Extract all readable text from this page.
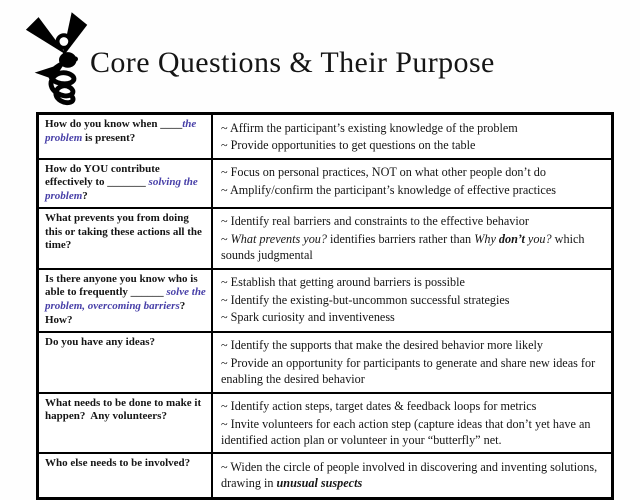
Core Questions & Their Purpose
How do you know when ____the problem is present?
~ Affirm the participant’s existing knowledge of the problem
~ Provide opportunities to get questions on the table
How do YOU contribute effectively to _______ solving the problem?
~ Focus on personal practices, NOT on what other people don’t do
~ Amplify/confirm the participant’s knowledge of effective practices
What prevents you from doing this or taking these actions all the time?
~ Identify real barriers and constraints to the effective behavior
~ What prevents you? identifies barriers rather than Why don’t you? which sounds judgmental
Is there anyone you know who is able to frequently ______ solve the problem, overcoming barriers? How?
~ Establish that getting around barriers is possible
~ Identify the existing-but-uncommon successful strategies
~ Spark curiosity and inventiveness
Do you have any ideas?	~ Identify the supports that make the desired behavior more likely
~ Provide an opportunity for participants to generate and share new ideas for enabling the desired behavior
What needs to be done to make it happen?  Any volunteers?
~ Identify action steps, target dates & feedback loops for metrics
~ Invite volunteers for each action step (capture ideas that don’t yet have an identified action plan or volunteer in your “butterfly” net.
Who else needs to be involved?	~ Widen the circle of people involved in discovering and inventing solutions, drawing in unusual suspects
